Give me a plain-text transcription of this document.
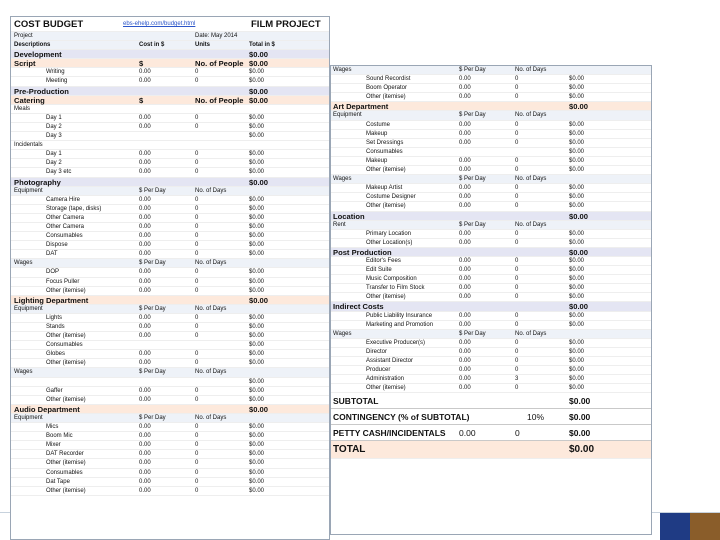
COST BUDGET	ebs-ehelp.com/budget.html	FILM PROJECT
Project	Date: May 2014
Descriptions	Cost in $	Units	Total in $
Development	$0.00
Script	$	No. of People $0.00
Writing	0.00	0	$0.00
Meeting	0.00	0	$0.00
Pre-Production	$0.00
Catering	$	No. of People $0.00
Meals
Day 1	0.00	0	$0.00
Day 2	0.00	0	$0.00
Day 3	$0.00
Incidentals
Day 1	0.00	0	$0.00
Day 2	0.00	0	$0.00
Day 3 etc	0.00	0	$0.00
Photography	$0.00
Equipment	$ Per Day	No. of Days
Camera Hire	0.00	0	$0.00
Storage (tape, disks)	0.00	0	$0.00
Other Camera	0.00	0	$0.00
Other Camera	0.00	0	$0.00
Consumables	0.00	0	$0.00
Dispose	0.00	0	$0.00
DAT	0.00	0	$0.00
Wages	$ Per Day	No. of Days
DOP	0.00	0	$0.00
Focus Puller	0.00	0	$0.00
Other (itemise)	0.00	0	$0.00
Lighting Department	$0.00
Equipment	$ Per Day	No. of Days
Lights	0.00	0	$0.00
Stands	0.00	0	$0.00
Other (itemise)	0.00	0	$0.00
Consumables	$0.00
Globes	0.00	0	$0.00
Other (itemise)	0.00	0	$0.00
Wages	$ Per Day	No. of Days
$0.00
Gaffer	0.00	0	$0.00
Other (itemise)	0.00	0	$0.00
Audio Department	$0.00
Equipment	$ Per Day	No. of Days
Mics	0.00	0	$0.00
Boom Mic	0.00	0	$0.00
Mixer	0.00	0	$0.00
DAT Recorder	0.00	0	$0.00
Other (itemise)	0.00	0	$0.00
Consumables	0.00	0	$0.00
Dat Tape	0.00	0	$0.00
Other (itemise)	0.00	0	$0.00
Wages	$ Per Day	No. of Days
Sound Recordist	0.00	0	$0.00
Boom Operator	0.00	0	$0.00
Other (itemise)	0.00	0	$0.00
Art Department	$0.00
Equipment	$ Per Day	No. of Days
Costume	0.00	0	$0.00
Makeup	0.00	0	$0.00
Set Dressings	0.00	0	$0.00
Consumables	$0.00
Makeup	0.00	0	$0.00
Other (itemise)	0.00	0	$0.00
Wages	$ Per Day	No. of Days
Makeup Artist	0.00	0	$0.00
Costume Designer	0.00	0	$0.00
Other (itemise)	0.00	0	$0.00
Location	$0.00
Rent	$ Per Day	No. of Days
Primary Location	0.00	0	$0.00
Other Location(s)	0.00	0	$0.00
Post Production	$0.00
Editor's Fees	0.00	0	$0.00
Edit Suite	0.00	0	$0.00
Music Composition	0.00	0	$0.00
Transfer to Film Stock	0.00	0	$0.00
Other (itemise)	0.00	0	$0.00
Indirect Costs	$0.00
Public Liability Insurance	0.00	0	$0.00
Marketing and Promotion	0.00	0	$0.00
Wages	$ Per Day	No. of Days
Executive Producer(s)	0.00	0	$0.00
Director	0.00	0	$0.00
Assistant Director	0.00	0	$0.00
Producer	0.00	0	$0.00
Administration	0.00	3	$0.00
Other (itemise)	0.00	0	$0.00
SUBTOTAL	$0.00
CONTINGENCY (% of SUBTOTAL)	10%	$0.00
PETTY CASH/INCIDENTALS 0.00	0	$0.00
TOTAL	$0.00
